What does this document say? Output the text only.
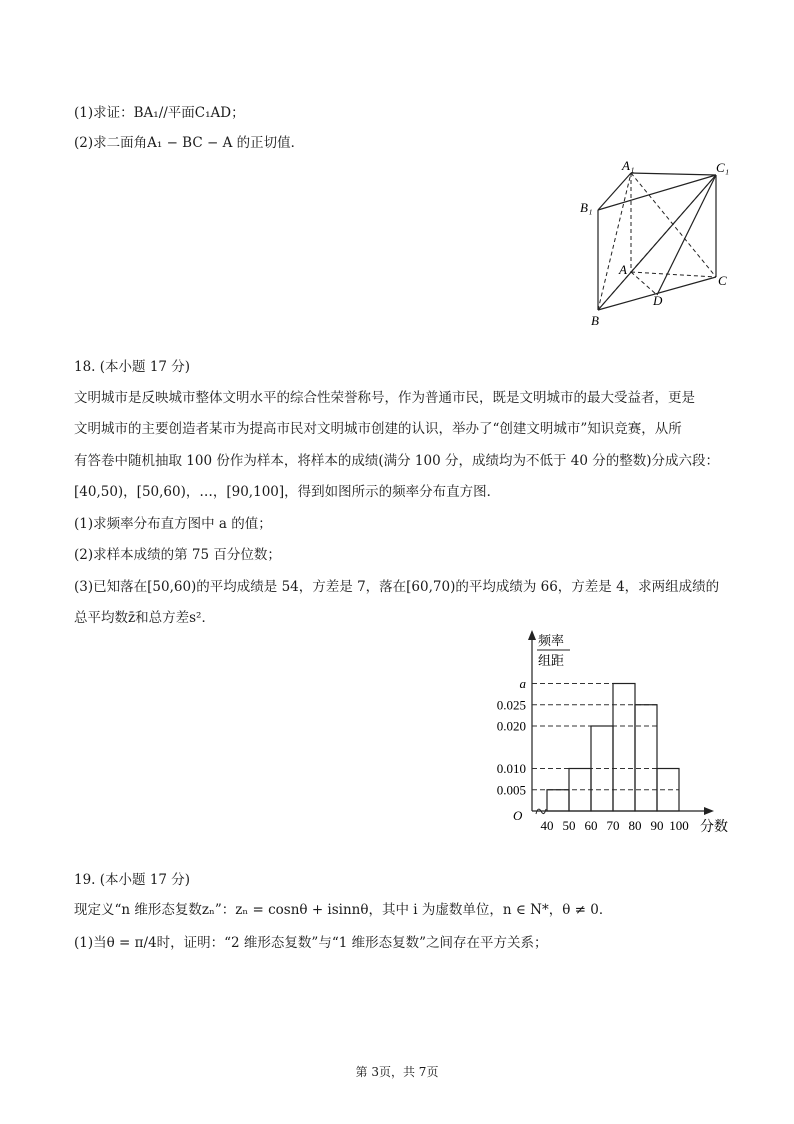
(1)求证：BA₁//平面C₁AD；
(2)求二面角A₁ − BC − A 的正切值．
A₁	C₁
B₁
A
C
D
B
18. (本小题 17 分)
文明城市是反映城市整体文明水平的综合性荣誉称号，作为普通市民，既是文明城市的最大受益者，更是
文明城市的主要创造者某市为提高市民对文明城市创建的认识，举办了“创建文明城市”知识竞赛，从所
有答卷中随机抽取 100 份作为样本，将样本的成绩(满分 100 分，成绩均为不低于 40 分的整数)分成六段：
[40,50)，[50,60)，…，[90,100]，得到如图所示的频率分布直方图．
(1)求频率分布直方图中 a 的值；
(2)求样本成绩的第 75 百分位数；
(3)已知落在[50,60)的平均成绩是 54，方差是 7，落在[60,70)的平均成绩为 66，方差是 4，求两组成绩的
总平均数z̄和总方差s²．
频率
组距
O
分数
0.005
0.010
0.020
0.025
a
40 50 60 70 80 90 100
19. (本小题 17 分)
现定义“n 维形态复数zₙ”：zₙ = cosnθ + isinnθ，其中 i 为虚数单位，n ∈ N*，θ ≠ 0．
(1)当θ = π/4时，证明：“2 维形态复数”与“1 维形态复数”之间存在平方关系；
第 3页，共 7页
